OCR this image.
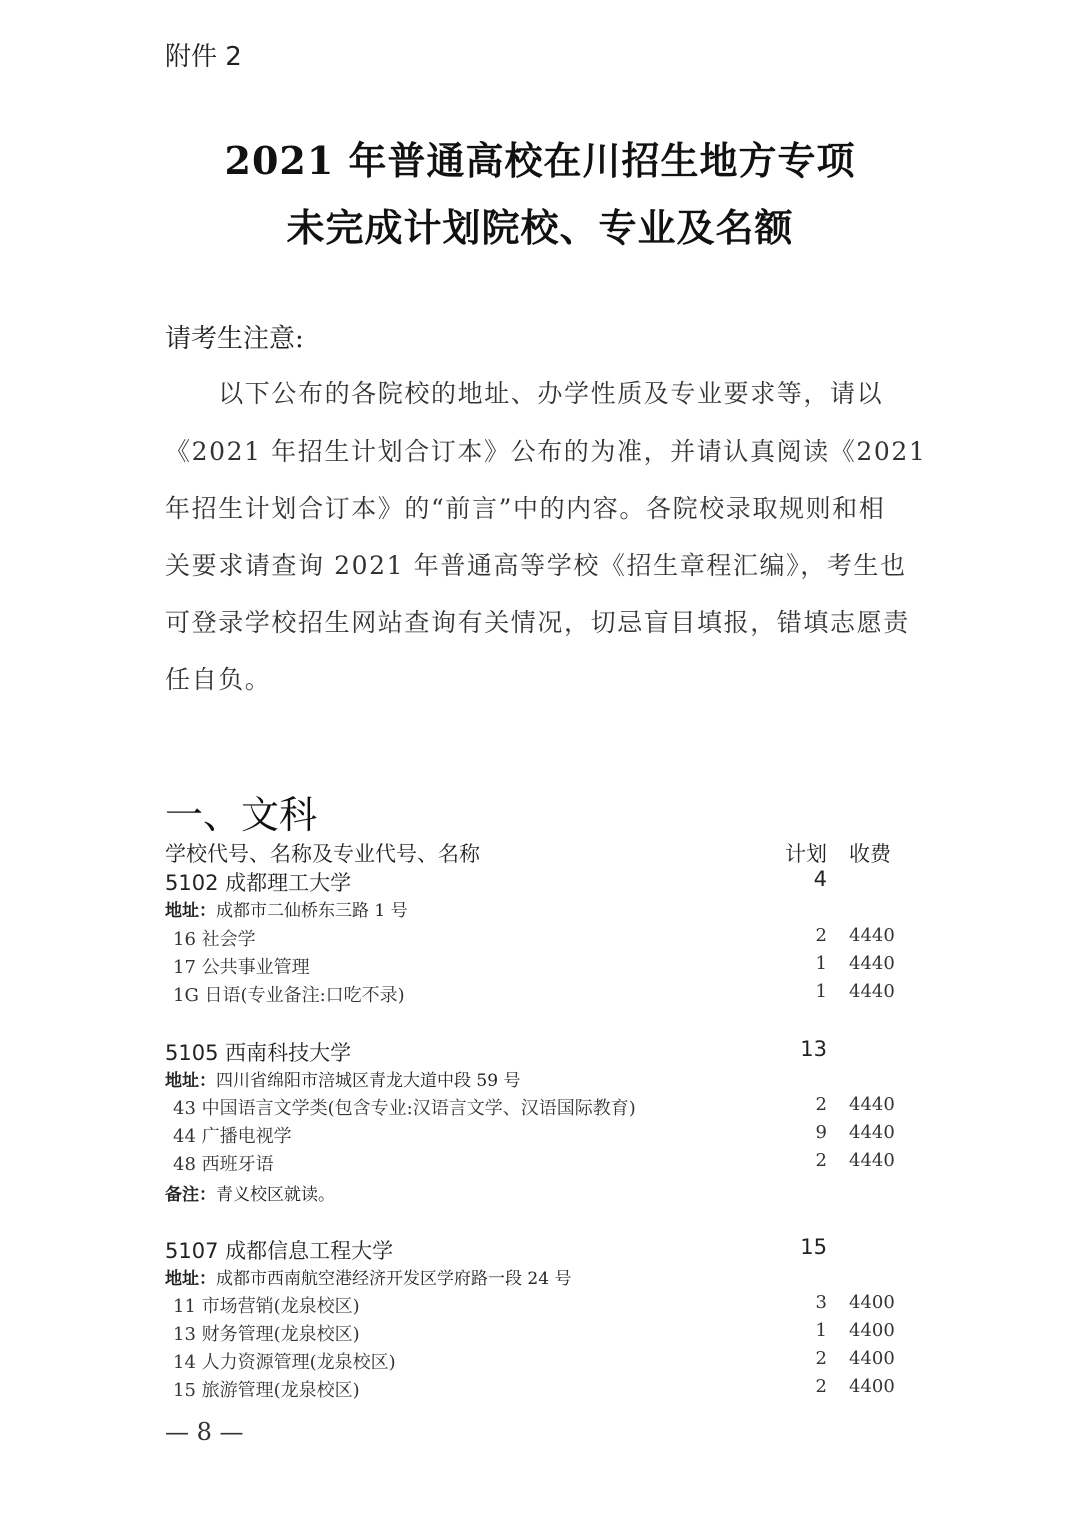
附件 2
2021 年普通高校在川招生地方专项
未完成计划院校、专业及名额
请考生注意:
　　以下公布的各院校的地址、办学性质及专业要求等，请以
《2021 年招生计划合订本》公布的为准，并请认真阅读《2021
年招生计划合订本》的“前言”中的内容。各院校录取规则和相
关要求请查询 2021 年普通高等学校《招生章程汇编》，考生也
可登录学校招生网站查询有关情况，切忌盲目填报，错填志愿责
任自负。
一、文科
学校代号、名称及专业代号、名称	计划 收费
5102 成都理工大学	4
地址：成都市二仙桥东三路 1 号
16 社会学	2 4440
17 公共事业管理	1 4440
1G 日语(专业备注:口吃不录)	1 4440
5105 西南科技大学	13
地址：四川省绵阳市涪城区青龙大道中段 59 号
43 中国语言文学类(包含专业:汉语言文学、汉语国际教育)	2 4440
44 广播电视学	9 4440
48 西班牙语	2 4440
备注：青义校区就读。
5107 成都信息工程大学	15
地址：成都市西南航空港经济开发区学府路一段 24 号
11 市场营销(龙泉校区)	3 4400
13 财务管理(龙泉校区)	1 4400
14 人力资源管理(龙泉校区)	2 4400
15 旅游管理(龙泉校区)	2 4400
— 8 —
